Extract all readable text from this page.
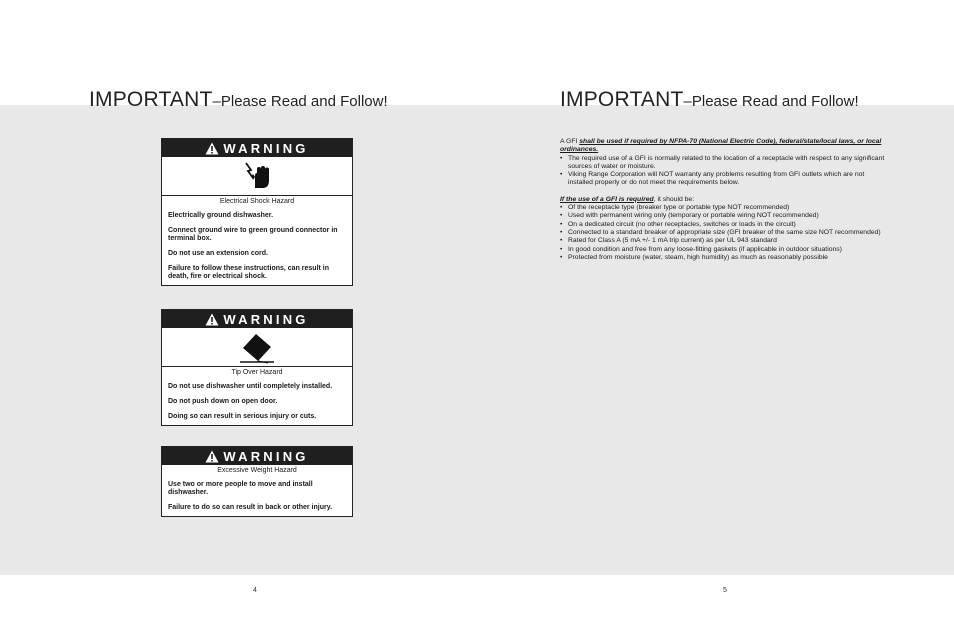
IMPORTANT–Please Read and Follow!	IMPORTANT–Please Read and Follow!
WARNING
Electrical Shock Hazard

Electrically ground dishwasher.

Connect ground wire to green ground connector in terminal box.

Do not use an extension cord.

Failure to follow these instructions, can result in death, fire or electrical shock.

WARNING
Tip Over Hazard

Do not use dishwasher until completely installed.

Do not push down on open door.

Doing so can result in serious injury or cuts.

WARNING
Excessive Weight Hazard

Use two or more people to move and install dishwasher.

Failure to do so can result in back or other injury.

A GFI shall be used if required by NFPA-70 (National Electric Code), federal/state/local laws, or local ordinances.

• The required use of a GFI is normally related to the location of a receptacle with respect to any significant sources of water or moisture.
• Viking Range Corporation will NOT warranty any problems resulting from GFI outlets which are not installed properly or do not meet the requirements below.

If the use of a GFI is required, it should be:

• Of the receptacle type (breaker type or portable type NOT recommended)
• Used with permanent wiring only (temporary or portable wiring NOT recommended)
• On a dedicated circuit (no other receptacles, switches or loads in the circuit)
• Connected to a standard breaker of appropriate size (GFI breaker of the same size NOT recommended)
• Rated for Class A (5 mA +/- 1 mA trip current) as per UL 943 standard
• In good condition and free from any loose-fitting gaskets (if applicable in outdoor situations)
• Protected from moisture (water, steam, high humidity) as much as reasonably possible
4	5
